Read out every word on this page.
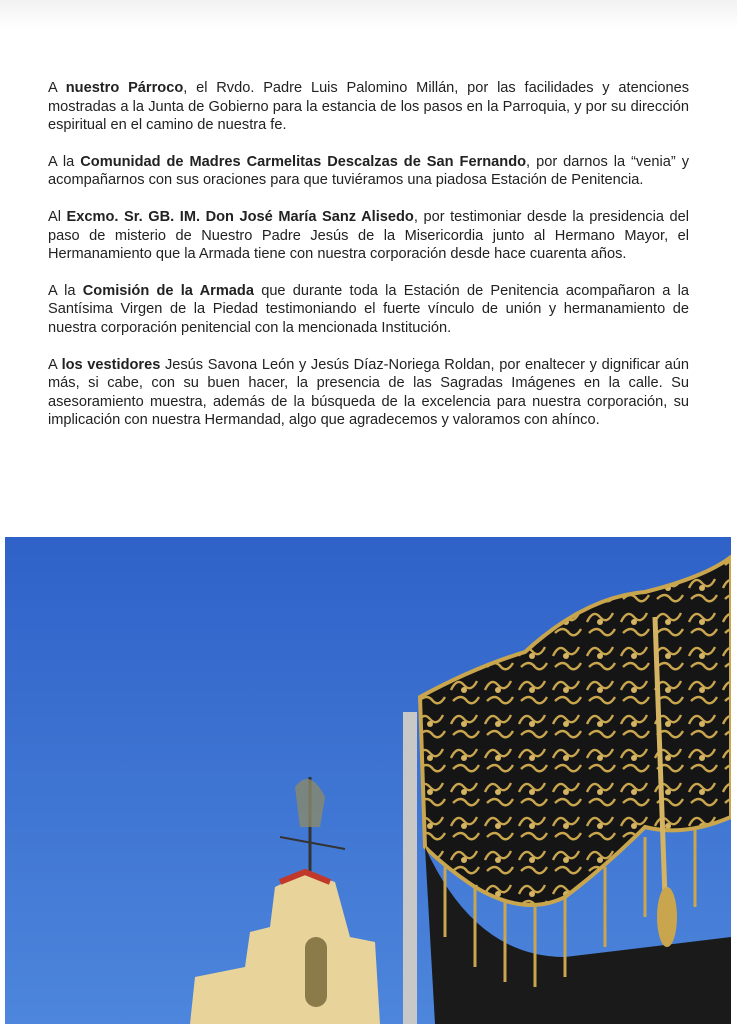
A nuestro Párroco, el Rvdo. Padre Luis Palomino Millán, por las facilidades y atenciones mostradas a la Junta de Gobierno para la estancia de los pasos en la Parroquia, y por su dirección espiritual en el camino de nuestra fe.

A la Comunidad de Madres Carmelitas Descalzas de San Fernando, por darnos la “venia” y acompañarnos con sus oraciones para que tuviéramos una piadosa Estación de Penitencia.

Al Excmo. Sr. GB. IM. Don José María Sanz Alisedo, por testimoniar desde la presidencia del paso de misterio de Nuestro Padre Jesús de la Misericordia junto al Hermano Mayor, el Hermanamiento que la Armada tiene con nuestra corporación desde hace cuarenta años.

A la Comisión de la Armada que durante toda la Estación de Penitencia acompañaron a la Santísima Virgen de la Piedad testimoniando el fuerte vínculo de unión y hermanamiento de nuestra corporación penitencial con la mencionada Institución.

A los vestidores Jesús Savona León y Jesús Díaz-Noriega Roldan, por enaltecer y dignificar aún más, si cabe, con su buen hacer, la presencia de las Sagradas Imágenes en la calle. Su asesoramiento muestra, además de la búsqueda de la excelencia para nuestra corporación, su implicación con nuestra Hermandad, algo que agradecemos y valoramos con ahínco.
